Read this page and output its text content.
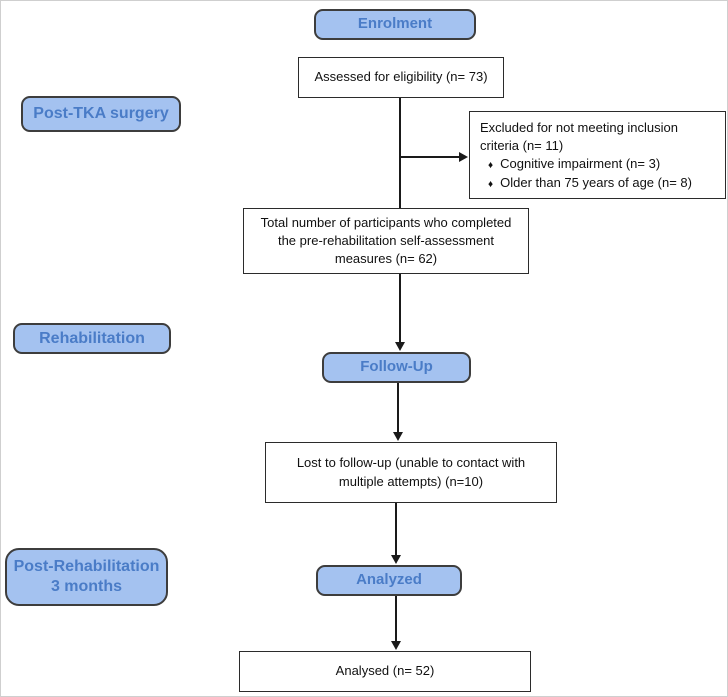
Enrolment
Follow-Up
Analyzed
Post-TKA surgery
Rehabilitation
Post-Rehabilitation
3 months
Assessed for eligibility (n= 73)
Excluded for not meeting inclusion criteria (n= 11)
♦ Cognitive impairment (n= 3)
♦ Older than 75 years of age (n= 8)
Total number of participants who completed the pre-rehabilitation self-assessment measures (n= 62)
Lost to follow-up (unable to contact with multiple attempts) (n=10)
Analysed (n= 52)
